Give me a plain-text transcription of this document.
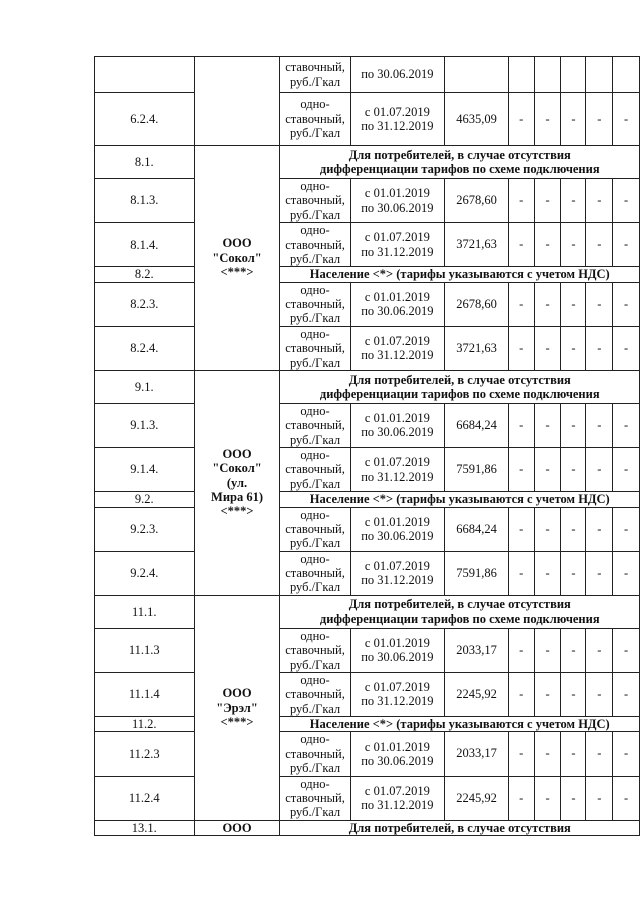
		ставочный,
руб./Гкал	по 30.06.2019						
6.2.4.		одно-
ставочный,
руб./Гкал	с 01.07.2019
по 31.12.2019	4635,09	-	-	-	-	-
8.1.	ООО
"Сокол"
<***>	Для потребителей, в случае отсутствия
дифференциации тарифов по схеме подключения							
8.1.3.		одно-
ставочный,
руб./Гкал	с 01.01.2019
по 30.06.2019	2678,60	-	-	-	-	-
8.1.4.		одно-
ставочный,
руб./Гкал	с 01.07.2019
по 31.12.2019	3721,63	-	-	-	-	-
8.2.		Население <*> (тарифы указываются с учетом НДС)							
8.2.3.		одно-
ставочный,
руб./Гкал	с 01.01.2019
по 30.06.2019	2678,60	-	-	-	-	-
8.2.4.		одно-
ставочный,
руб./Гкал	с 01.07.2019
по 31.12.2019	3721,63	-	-	-	-	-
9.1.	ООО
"Сокол"
(ул.
Мира 61)
<***>	Для потребителей, в случае отсутствия
дифференциации тарифов по схеме подключения							
9.1.3.		одно-
ставочный,
руб./Гкал	с 01.01.2019
по 30.06.2019	6684,24	-	-	-	-	-
9.1.4.		одно-
ставочный,
руб./Гкал	с 01.07.2019
по 31.12.2019	7591,86	-	-	-	-	-
9.2.		Население <*> (тарифы указываются с учетом НДС)							
9.2.3.		одно-
ставочный,
руб./Гкал	с 01.01.2019
по 30.06.2019	6684,24	-	-	-	-	-
9.2.4.		одно-
ставочный,
руб./Гкал	с 01.07.2019
по 31.12.2019	7591,86	-	-	-	-	-
11.1.	ООО
"Эрэл"
<***>	Для потребителей, в случае отсутствия
дифференциации тарифов по схеме подключения							
11.1.3		одно-
ставочный,
руб./Гкал	с 01.01.2019
по 30.06.2019	2033,17	-	-	-	-	-
11.1.4		одно-
ставочный,
руб./Гкал	с 01.07.2019
по 31.12.2019	2245,92	-	-	-	-	-
11.2.		Население <*> (тарифы указываются с учетом НДС)							
11.2.3		одно-
ставочный,
руб./Гкал	с 01.01.2019
по 30.06.2019	2033,17	-	-	-	-	-
11.2.4		одно-
ставочный,
руб./Гкал	с 01.07.2019
по 31.12.2019	2245,92	-	-	-	-	-
13.1.	ООО	Для потребителей, в случае отсутствия							
